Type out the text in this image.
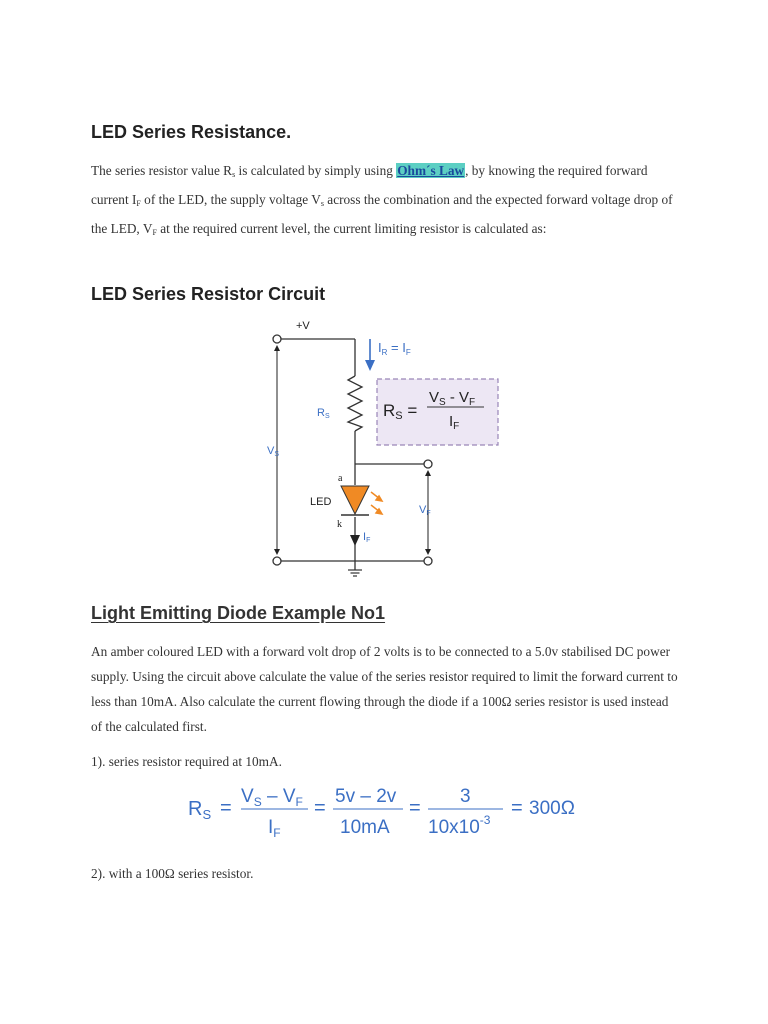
LED Series Resistance.

The series resistor value $R_s$ is calculated by simply using Ohm´s Law, by knowing the required forward current $I_F$ of the LED, the supply voltage $V_s$ across the combination and the expected forward voltage drop of the LED, $V_F$ at the required current level, the current limiting resistor is calculated as:

LED Series Resistor Circuit
+V
$I_R = I_F$
RS
VS
a
LED
k
IF
VF
RS =
$V_S - V_F$
$I_F$
Light Emitting Diode Example No1

An amber coloured LED with a forward volt drop of 2 volts is to be connected to a 5.0v stabilised DC power supply. Using the circuit above calculate the value of the series resistor required to limit the forward current to less than 10mA. Also calculate the current flowing through the diode if a 100Ω series resistor is used instead of the calculated first.

1). series resistor required at 10mA.

$R_S$ =
$V_S - V_F$
$I_F$
=
5v – 2v
10mA
=
3
$10x10^{-3}$
= 300Ω

2). with a 100Ω series resistor.
